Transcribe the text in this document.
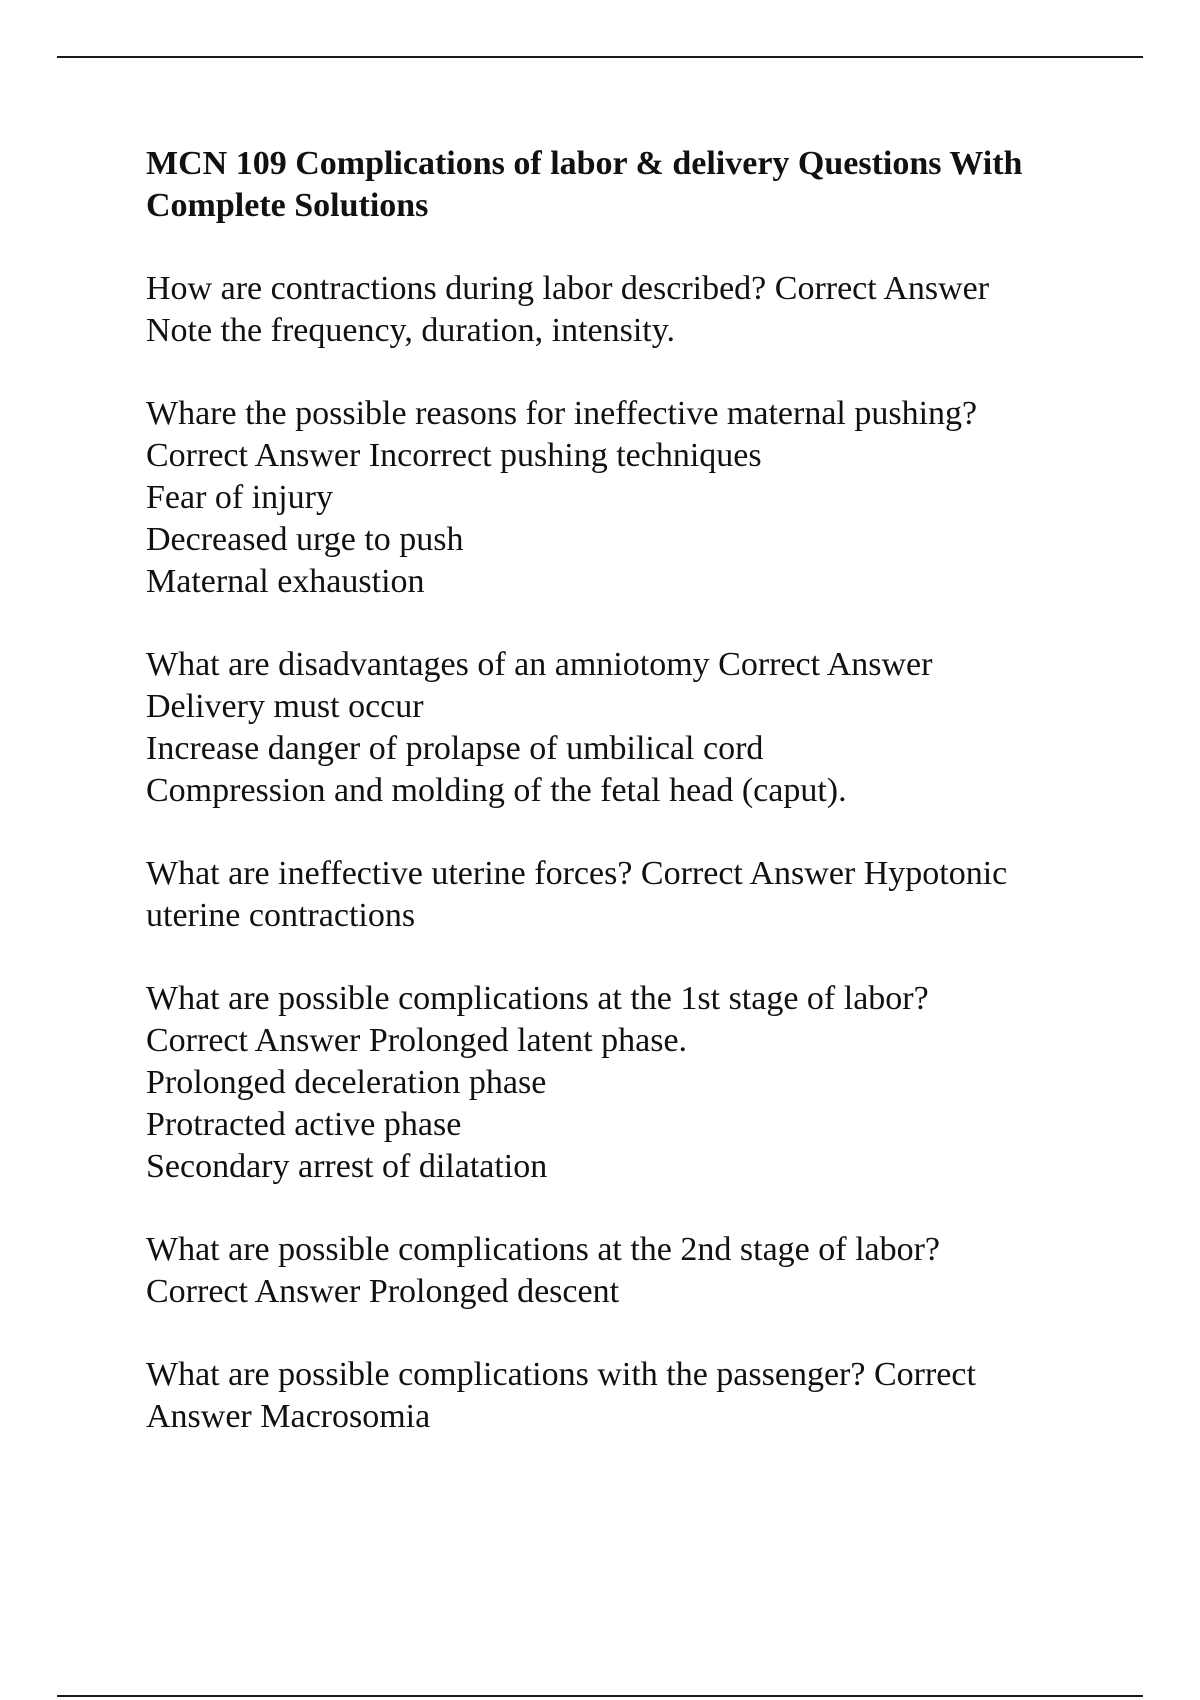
MCN 109 Complications of labor & delivery Questions With
Complete Solutions
How are contractions during labor described? Correct Answer
Note the frequency, duration, intensity.
Whare the possible reasons for ineffective maternal pushing?
Correct Answer Incorrect pushing techniques
Fear of injury
Decreased urge to push
Maternal exhaustion
What are disadvantages of an amniotomy Correct Answer
Delivery must occur
Increase danger of prolapse of umbilical cord
Compression and molding of the fetal head (caput).
What are ineffective uterine forces? Correct Answer Hypotonic
uterine contractions
What are possible complications at the 1st stage of labor?
Correct Answer Prolonged latent phase.
Prolonged deceleration phase
Protracted active phase
Secondary arrest of dilatation
What are possible complications at the 2nd stage of labor?
Correct Answer Prolonged descent
What are possible complications with the passenger? Correct
Answer Macrosomia
